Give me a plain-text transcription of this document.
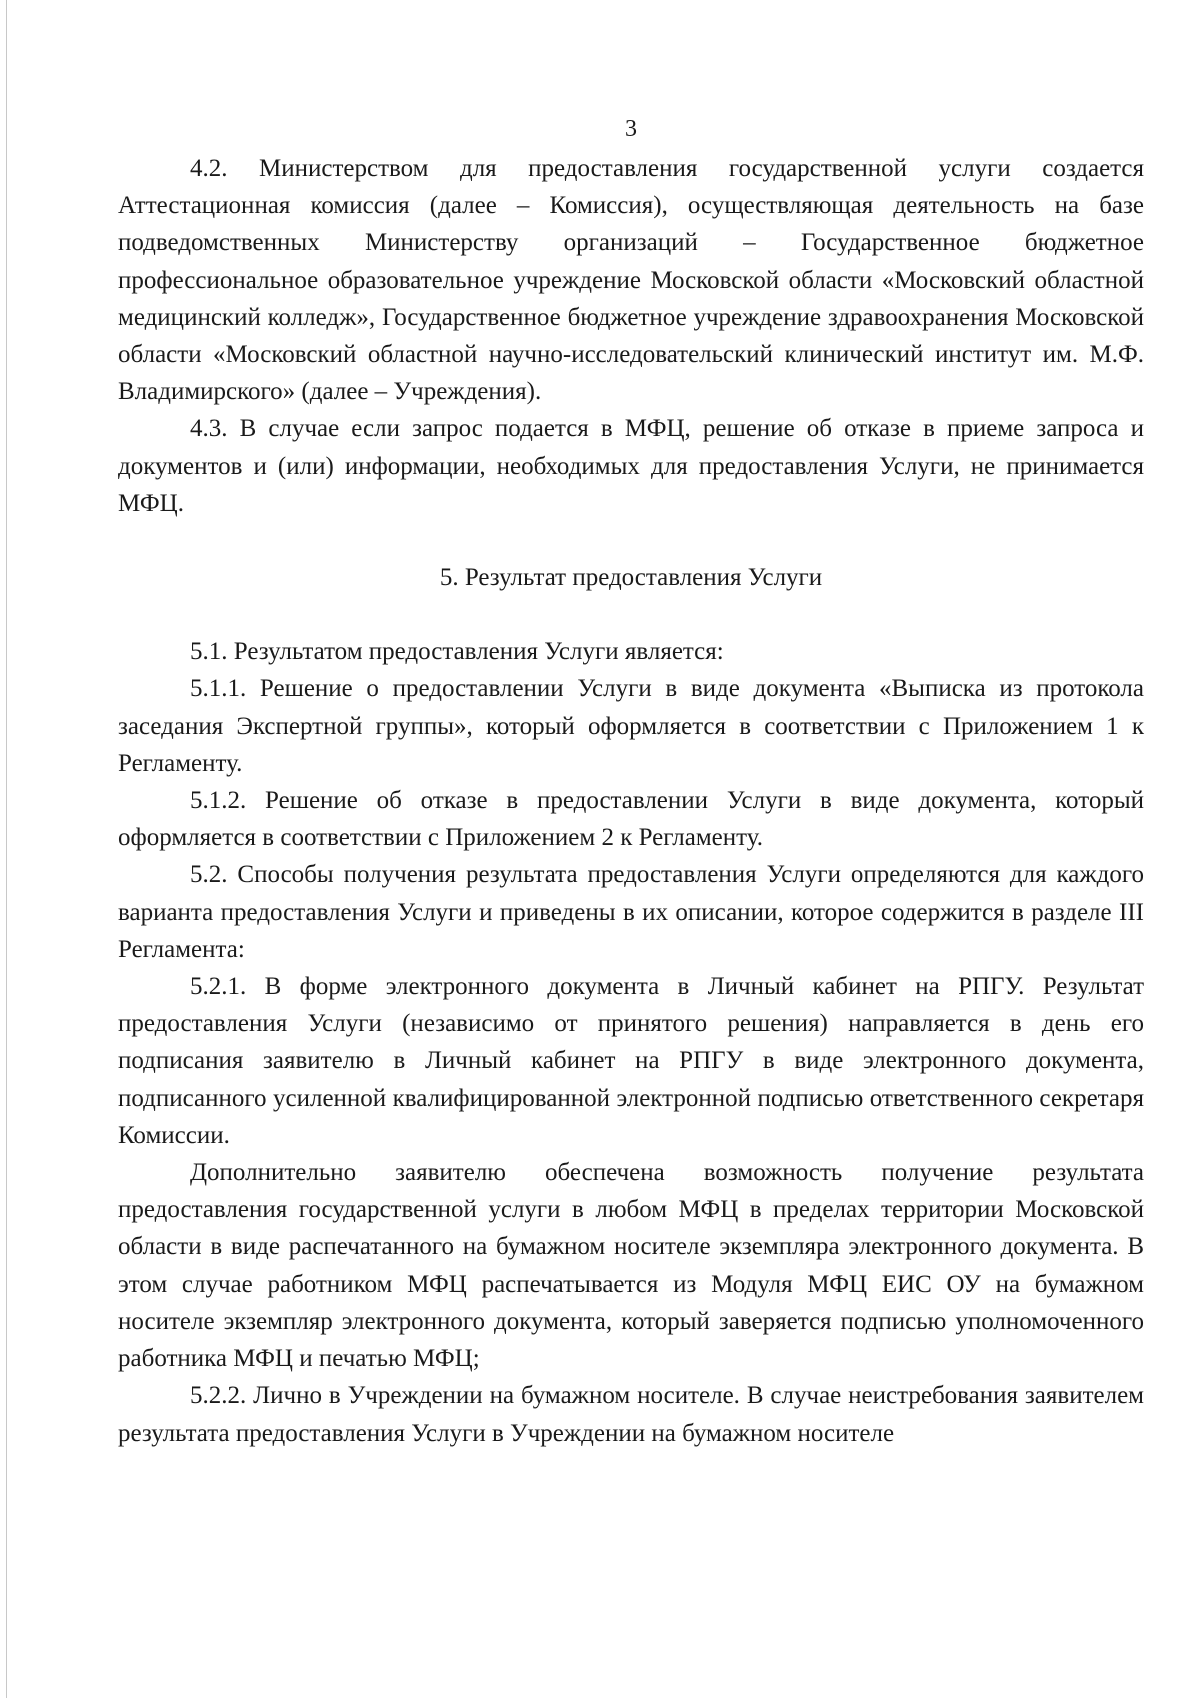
3

4.2. Министерством для предоставления государственной услуги создается Аттестационная комиссия (далее – Комиссия), осуществляющая деятельность на базе подведомственных Министерству организаций – Государственное бюджетное профессиональное образовательное учреждение Московской области «Московский областной медицинский колледж», Государственное бюджетное учреждение здравоохранения Московской области «Московский областной научно-исследовательский клинический институт им. М.Ф. Владимирского» (далее – Учреждения).

4.3. В случае если запрос подается в МФЦ, решение об отказе в приеме запроса и документов и (или) информации, необходимых для предоставления Услуги, не принимается МФЦ.

5. Результат предоставления Услуги

5.1. Результатом предоставления Услуги является:

5.1.1. Решение о предоставлении Услуги в виде документа «Выписка из протокола заседания Экспертной группы», который оформляется в соответствии с Приложением 1 к Регламенту.

5.1.2. Решение об отказе в предоставлении Услуги в виде документа, который оформляется в соответствии с Приложением 2 к Регламенту.

5.2. Способы получения результата предоставления Услуги определяются для каждого варианта предоставления Услуги и приведены в их описании, которое содержится в разделе III Регламента:

5.2.1. В форме электронного документа в Личный кабинет на РПГУ. Результат предоставления Услуги (независимо от принятого решения) направляется в день его подписания заявителю в Личный кабинет на РПГУ в виде электронного документа, подписанного усиленной квалифицированной электронной подписью ответственного секретаря Комиссии.

Дополнительно заявителю обеспечена возможность получение результата предоставления государственной услуги в любом МФЦ в пределах территории Московской области в виде распечатанного на бумажном носителе экземпляра электронного документа. В этом случае работником МФЦ распечатывается из Модуля МФЦ ЕИС ОУ на бумажном носителе экземпляр электронного документа, который заверяется подписью уполномоченного работника МФЦ и печатью МФЦ;

5.2.2. Лично в Учреждении на бумажном носителе. В случае неистребования заявителем результата предоставления Услуги в Учреждении на бумажном носителе
